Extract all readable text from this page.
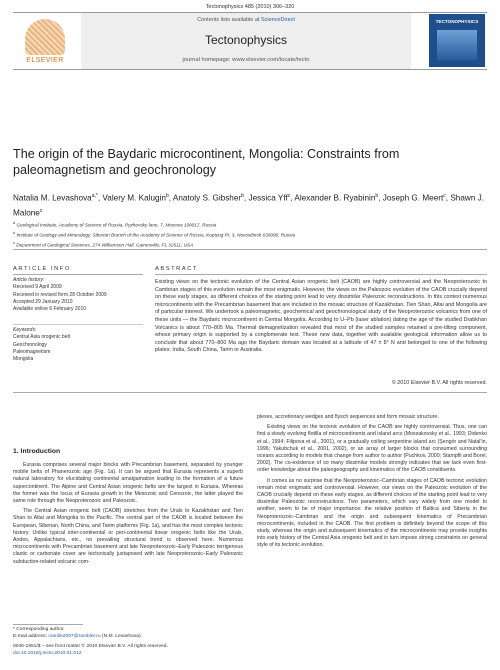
Tectonophysics 485 (2010) 306–320
ELSEVIER
Contents lists available at ScienceDirect
Tectonophysics
journal homepage: www.elsevier.com/locate/tecto
TECTONOPHYSICS
The origin of the Baydaric microcontinent, Mongolia: Constraints from paleomagnetism and geochronology
Natalia M. Levashova$^{a,*}$, Valery M. Kalugin$^b$, Anatoly S. Gibsher$^b$, Jessica Yff$^c$, Alexander B. Ryabinin$^b$, Joseph G. Meert$^c$, Shawn J. Malone$^c$
$^a$ Geological Institute, Academy of Science of Russia, Pyzhevsky lane, 7, Moscow 109017, Russia
$^b$ Institute of Geology and Mineralogy, Siberian Branch of the Academy of Science of Russia, Koptyug Pr. 3, Novosibirsk 630090, Russia
$^c$ Department of Geological Sciences, 274 Williamson Hall, Gainesville, FL 32611, USA
ARTICLE INFO	ABSTRACT
Article history:
Received 9 April 2009
Received in revised form 28 October 2009
Accepted 29 January 2010
Available online 6 February 2010
Keywords:
Central Asia orogenic belt
Geochronology
Paleomagnetism
Mongolia
Existing views on the tectonic evolution of the Central Asian orogenic belt (CAOB) are highly controversial and the Neoproterozoic to Cambrian stages of this evolution remain the most enigmatic. However, the views on the Paleozoic evolution of the CAOB crucially depend on these early stages, as different choices of the starting point lead to very dissimilar Paleozoic reconstructions. In this context numerous microcontinents with the Precambrian basement that are included in the mosaic structure of Kazakhstan, Tien Shan, Altai and Mongolia are of particular interest. We undertook a paleomagnetic, geochemical and geochronological study of the Neoproterozoic volcanics from one of these units — the Baydaric microcontinent in Central Mongolia. According to U–Pb (laser ablation) dating the age of the studied Drabkhan Volcanics is about 770–805 Ma. Thermal demagnetization revealed that most of the studied samples retained a pre-tilting component, whose primary origin is supported by a conglomerate test. These new data, together with available geological information allow us to conclude that about 770–800 Ma ago the Baydaric domain was located at a latitude of 47 ± 8° N and belonged to one of the following plates: India, South China, Tarim or Australia.
© 2010 Elsevier B.V. All rights reserved.
1. Introduction

Eurasia comprises several major blocks with Precambrian basement, separated by younger mobile belts of Phanerozoic age (Fig. 1a). It can be argued that Eurasia represents a superb natural laboratory for elucidating continental amalgamation leading to the formation of a future supercontinent. The Alpine and Central Asian orogenic belts are the largest in Eurasia. Whereas the former was the locus of Eurasia growth in the Mesozoic and Cenozoic, the latter played the same role through the Neoproterozoic and Paleozoic.

The Central Asian orogenic belt (CAOB) stretches from the Urals to Kazakhstan and Tien Shan to Altai and Mongolia to the Pacific. The central part of the CAOB is located between the European, Siberian, North China, and Tarim platforms (Fig. 1a), and has the most complex tectonic history. Unlike typical inter-continental or peri-continental linear orogenic belts like the Urals, Andes, Appalachians, etc., no prevailing structural trend is observed here. Numerous microcontinents with Precambrian basement and late Neoproterozoic–Early Paleozoic terrigenous clastic or carbonate cover are tectonically juxtaposed with late Neoproterozoic–Early Paleozoic subduction-related volcanic com-

plexes, accretionary wedges and flysch sequences and form mosaic structure.

Existing views on the tectonic evolution of the CAOB are highly controversial. Thus, one can find a slowly evolving flotilla of microcontinents and island arcs (Mossakovsky et al., 1993; Didenko et al., 1994; Filipova et al., 2001), or a gradually coiling serpentine island arc (Şengör and Natal'in, 1996; Yakubchuk et al., 2001, 2002), or an array of larger blocks that consumed surrounding oceans according to models that change from author to author (Puchkov, 2000; Stampfli and Borel, 2002). The co-existence of so many dissimilar models strongly indicates that we lack even first-order knowledge about the paleogeography and kinematics of the CAOB constituents.

It comes as no surprise that the Neoproterozoic–Cambrian stages of CAOB tectonic evolution remain most enigmatic and controversial. However, our views on the Paleozoic evolution of the CAOB crucially depend on these early stages, as different choices of the starting point lead to very dissimilar Paleozoic reconstructions. Two parameters, which vary widely from one model to another, seem to be of major importance: the relative position of Baltica and Siberia in the Neoproterozoic–Cambrian and the origin and subsequent kinematics of Precambrian microcontinents, included in the CAOB. The first problem is definitely beyond the scope of this study, whereas the origin and subsequent kinematics of the microcontinents may provide insights into early history of the Central Asia orogenic belt and in turn impose strong constraints on general style of its tectonic evolution.

* Corresponding author.
E-mail address: namile2007@rambler.ru (N.M. Levashova).
0040-1951/$ – see front matter © 2010 Elsevier B.V. All rights reserved.
doi:10.1016/j.tecto.2010.01.012
